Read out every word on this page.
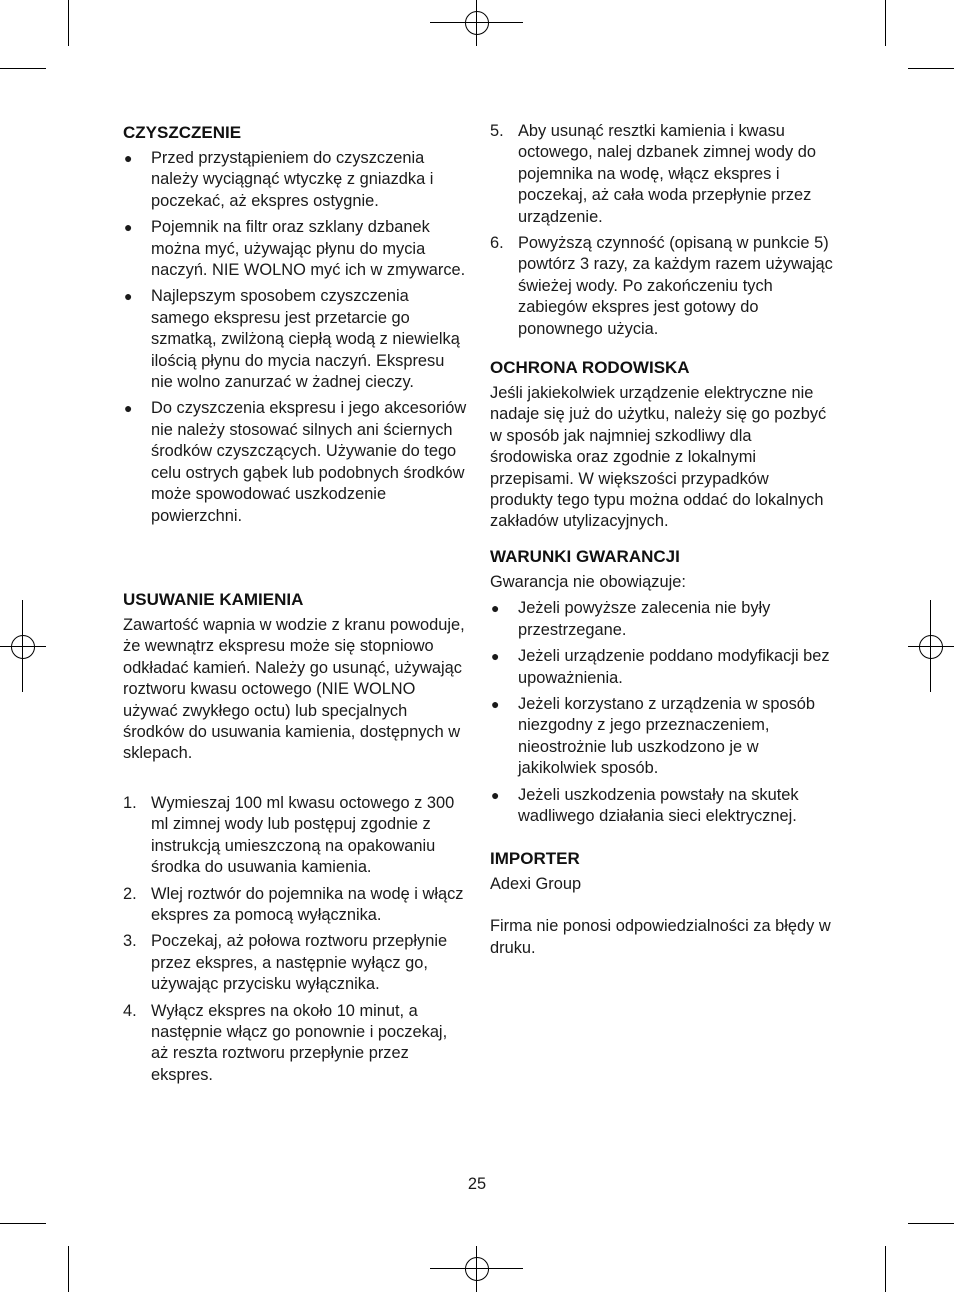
CZYSZCZENIE
●	Przed przystąpieniem do czyszczenia należy wyciągnąć wtyczkę z gniazdka i poczekać, aż ekspres ostygnie.
●	Pojemnik na filtr oraz szklany dzbanek można myć, używając płynu do mycia naczyń. NIE WOLNO myć ich w zmywarce.
●	Najlepszym sposobem czyszczenia samego ekspresu jest przetarcie go szmatką, zwilżoną ciepłą wodą z niewielką ilością płynu do mycia naczyń. Ekspresu nie wolno zanurzać w żadnej cieczy.
●	Do czyszczenia ekspresu i jego akcesoriów nie należy stosować silnych ani ściernych środków czyszczących. Używanie do tego celu ostrych gąbek lub podobnych środków może spowodować uszkodzenie powierzchni.
USUWANIE KAMIENIA

Zawartość wapnia w wodzie z kranu powoduje, że wewnątrz ekspresu może się stopniowo odkładać kamień. Należy go usunąć, używając roztworu kwasu octowego (NIE WOLNO używać zwykłego octu) lub specjalnych środków do usuwania kamienia, dostępnych w sklepach.

1. Wymieszaj 100 ml kwasu octowego z 300 ml zimnej wody lub postępuj zgodnie z instrukcją umieszczoną na opakowaniu środka do usuwania kamienia.
2. Wlej roztwór do pojemnika na wodę i włącz ekspres za pomocą wyłącznika.
3. Poczekaj, aż połowa roztworu przepłynie przez ekspres, a następnie wyłącz go, używając przycisku wyłącznika.
4. Wyłącz ekspres na około 10 minut, a następnie włącz go ponownie i poczekaj, aż reszta roztworu przepłynie przez ekspres.
5. Aby usunąć resztki kamienia i kwasu octowego, nalej dzbanek zimnej wody do pojemnika na wodę, włącz ekspres i poczekaj, aż cała woda przepłynie przez urządzenie.
6. Powyższą czynność (opisaną w punkcie 5) powtórz 3 razy, za każdym razem używając świeżej wody. Po zakończeniu tych zabiegów ekspres jest gotowy do ponownego użycia.
OCHRONA RODOWISKA

Jeśli jakiekolwiek urządzenie elektryczne nie nadaje się już do użytku, należy się go pozbyć w sposób jak najmniej szkodliwy dla środowiska oraz zgodnie z lokalnymi przepisami. W większości przypadków produkty tego typu można oddać do lokalnych zakładów utylizacyjnych.

WARUNKI GWARANCJI

Gwarancja nie obowiązuje:

●	Jeżeli powyższe zalecenia nie były przestrzegane.
●	Jeżeli urządzenie poddano modyfikacji bez upoważnienia.
●	Jeżeli korzystano z urządzenia w sposób niezgodny z jego przeznaczeniem, nieostrożnie lub uszkodzono je w jakikolwiek sposób.
●	Jeżeli uszkodzenia powstały na skutek wadliwego działania sieci elektrycznej.
IMPORTER

Adexi Group

Firma nie ponosi odpowiedzialności za błędy w druku.

25
